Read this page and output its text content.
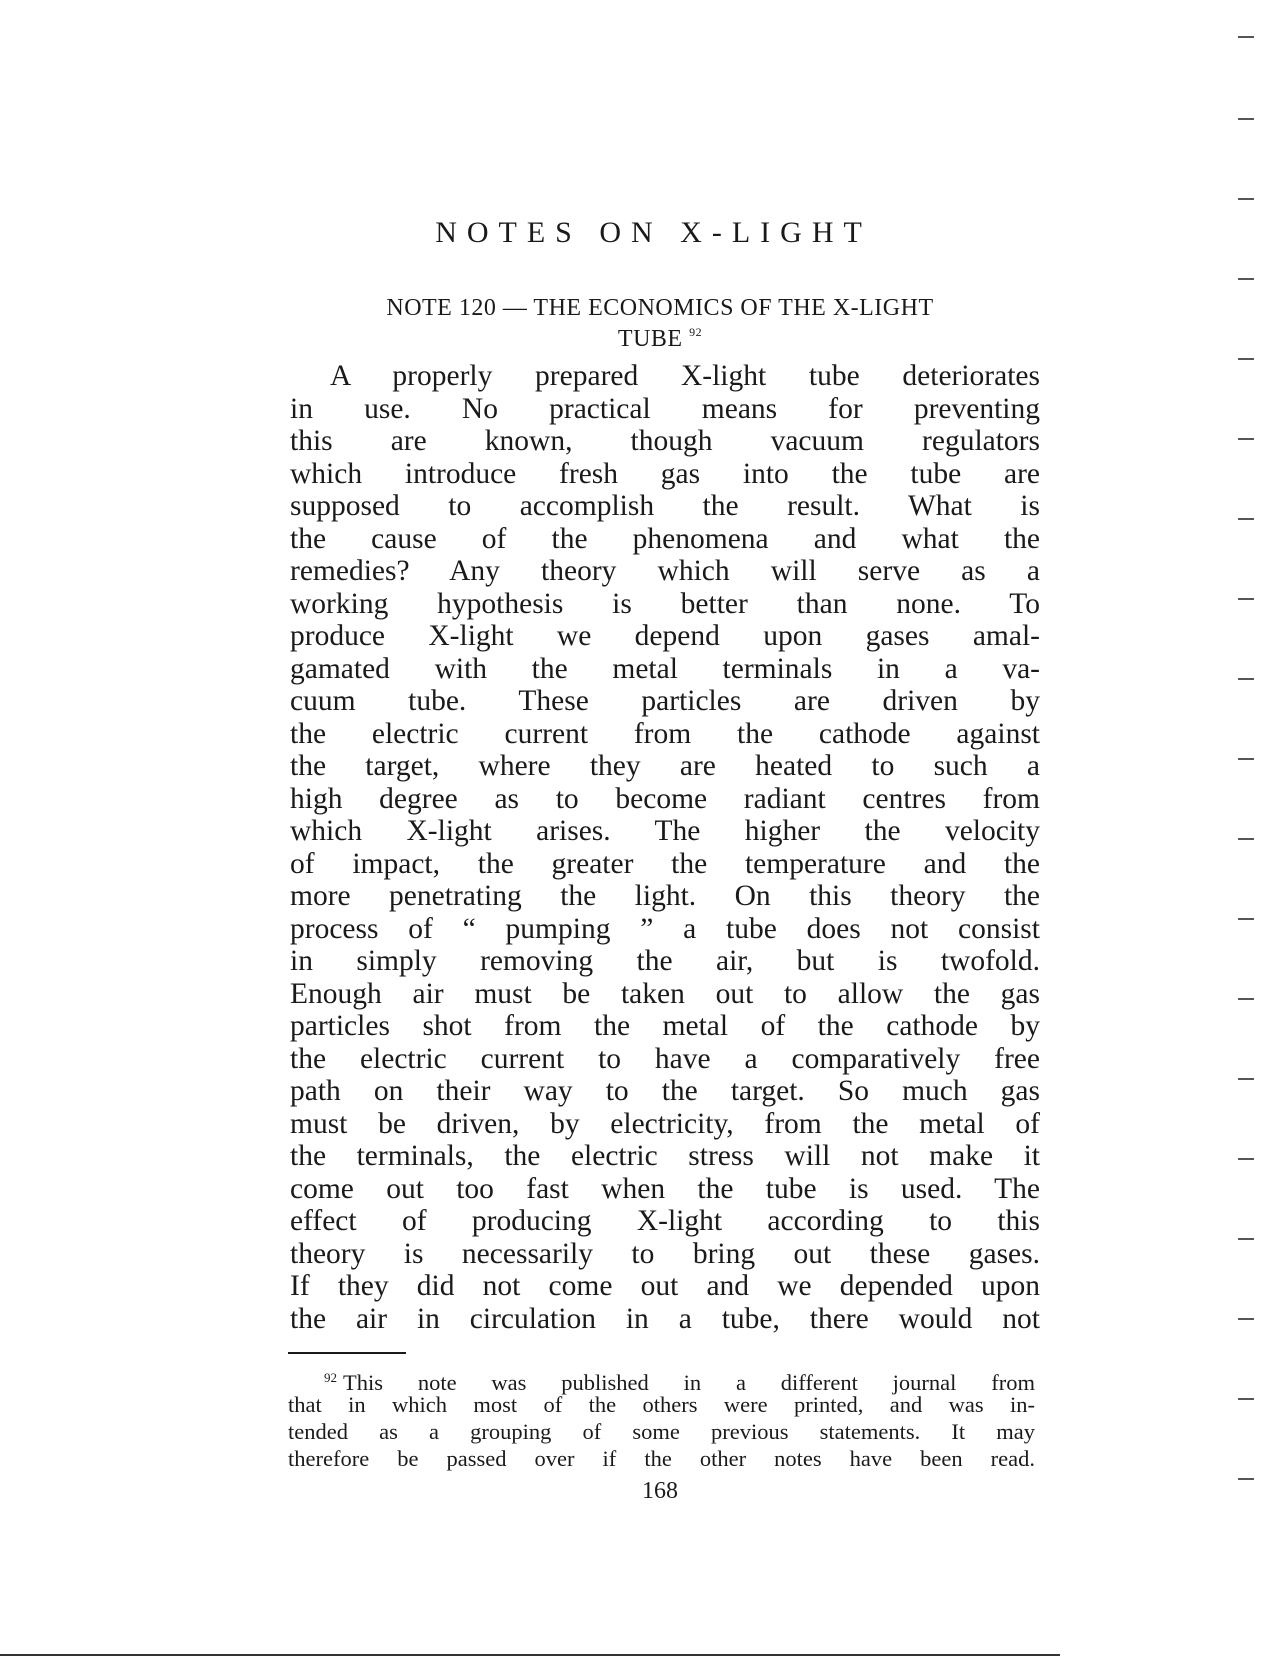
NOTES ON X-LIGHT
NOTE 120 — THE ECONOMICS OF THE X-LIGHT
TUBE $^{92}$
A properly prepared X-light tube deteriorates
in use. No practical means for preventing
this are known, though vacuum regulators
which introduce fresh gas into the tube are
supposed to accomplish the result. What is
the cause of the phenomena and what the
remedies? Any theory which will serve as a
working hypothesis is better than none. To
produce X-light we depend upon gases amal-
gamated with the metal terminals in a va-
cuum tube. These particles are driven by
the electric current from the cathode against
the target, where they are heated to such a
high degree as to become radiant centres from
which X-light arises. The higher the velocity
of impact, the greater the temperature and the
more penetrating the light. On this theory the
process of “ pumping ” a tube does not consist
in simply removing the air, but is twofold.
Enough air must be taken out to allow the gas
particles shot from the metal of the cathode by
the electric current to have a comparatively free
path on their way to the target. So much gas
must be driven, by electricity, from the metal of
the terminals, the electric stress will not make it
come out too fast when the tube is used. The
effect of producing X-light according to this
theory is necessarily to bring out these gases.
If they did not come out and we depended upon
the air in circulation in a tube, there would not
$^{92}$ This note was published in a different journal from
that in which most of the others were printed, and was in-
tended as a grouping of some previous statements. It may
therefore be passed over if the other notes have been read.
168
